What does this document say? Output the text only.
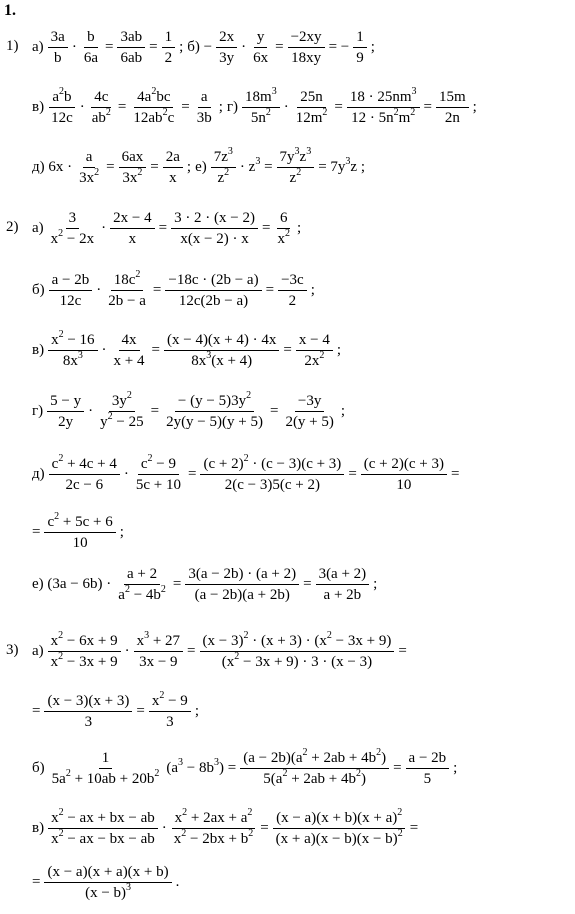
1.
1) $а) \frac{3a}{b} \cdot \frac{b}{6a} = \frac{3ab}{6ab} = \frac{1}{2}$ ; $б) - \frac{2x}{3y} \cdot \frac{y}{6x} = \frac{-2xy}{18xy}$ = − $\frac{1}{9}$ ;
$в) \frac{a^2b}{12c} \cdot \frac{4c}{ab^2} = \frac{4a^2bc}{12ab^2c} = \frac{a}{3b}$ ; $г) \frac{18m^3}{5n^2} \cdot \frac{25n}{12m^2} = \frac{18 \cdot 25nm^3}{12 \cdot 5n^2m^2} = \frac{15m}{2n}$ ;
д) $6x \cdot \frac{a}{3x^2} = \frac{6ax}{3x^2} = \frac{2a}{x}$ ; $е) \frac{7z^3}{z^2} \cdot z^3 = \frac{7y^3z^3}{z^2} = 7y^3z$ ;
2) $а) \frac{3}{x^2 - 2x} \cdot \frac{2x - 4}{x} = \frac{3 \cdot 2 \cdot (x - 2)}{x(x - 2) \cdot x} = \frac{6}{x^2}$ ;
$б) \frac{a - 2b}{12c} \cdot \frac{18c^2}{2b - a} = \frac{-18c \cdot (2b - a)}{12c(2b - a)} = \frac{-3c}{2}$ ;
$в) \frac{x^2 - 16}{8x^3} \cdot \frac{4x}{x + 4} = \frac{(x - 4)(x + 4) \cdot 4x}{8x^3(x + 4)} = \frac{x - 4}{2x^2}$ ;
$г) \frac{5 - y}{2y} \cdot \frac{3y^2}{y^2 - 25} = \frac{- (y - 5)3y^2}{2y(y - 5)(y + 5)} = \frac{-3y}{2(y + 5)}$ ;
$д) \frac{c^2 + 4c + 4}{2c - 6} \cdot \frac{c^2 - 9}{5c + 10} = \frac{(c + 2)^2 \cdot (c - 3)(c + 3)}{2(c - 3)5(c + 2)} = \frac{(c + 2)(c + 3)}{10}$ =
= $\frac{c^2 + 5c + 6}{10}$ ;
е) $(3a - 6b) \cdot \frac{a + 2}{a^2 - 4b^2} = \frac{3(a - 2b) \cdot (a + 2)}{(a - 2b)(a + 2b)} = \frac{3(a + 2)}{a + 2b}$ ;
3) $а) \frac{x^2 - 6x + 9}{x^2 - 3x + 9} \cdot \frac{x^3 + 27}{3x - 9} = \frac{(x - 3)^2 \cdot (x + 3) \cdot (x^2 - 3x + 9)}{(x^2 - 3x + 9) \cdot 3 \cdot (x - 3)}$ =
= $\frac{(x - 3)(x + 3)}{3} = \frac{x^2 - 9}{3}$ ;
$б) \frac{1}{5a^2 + 10ab + 20b^2} (a^3 - 8b^3) = \frac{(a - 2b)(a^2 + 2ab + 4b^2)}{5(a^2 + 2ab + 4b^2)} = \frac{a - 2b}{5}$ ;
$в) \frac{x^2 - ax + bx - ab}{x^2 - ax - bx - ab} \cdot \frac{x^2 + 2ax + a^2}{x^2 - 2bx + b^2} = \frac{(x - a)(x + b)(x + a)^2}{(x + a)(x - b)(x - b)^2}$ =
= $\frac{(x - a)(x + a)(x + b)}{(x - b)^3}$ .
